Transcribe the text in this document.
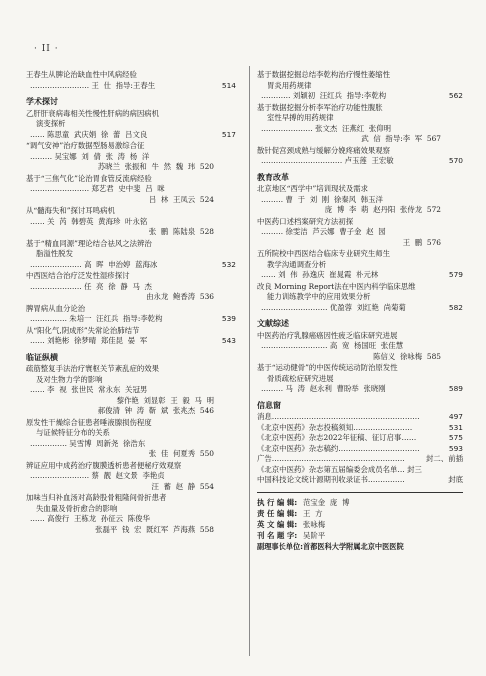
· II ·
王春生从脾论治缺血性中风病经验
…………………… 王  仕  指导:王春生	514
学术探讨
乙肝肝衰病毒相关性慢性肝病的病因病机

演变探析
…… 陈思童  武庆娟  徐  蕾  吕文良	517
“调气安神”治疗数据型肠易激综合征
……… 吴宝娜  刘  倩  张  涛  杨  洋
苏晓兰  张振和  牛  然  魏  玮  520
基于“三焦气化”论治胃食管反流病经验
…………………… 郑艺君  史中斐  吕  咪
吕  林  王凤云  524
从“髓海失和”探讨耳鸣病机
…… 关  芮  韩碧英  黄海珍  叶永铭
张  鹏  陈陆泉  528
基于“精血同源”理论结合祛风之法辨治

脂溢性脱发
………………… 高  晖  申治婷  蓝海冰	532
中西医结合治疗泛发性湿疹探讨
………………… 任  亮  徐  静  马  杰
由永龙  鲍香涛  536
脾胃病从血分论治
…………… 朱培一  汪红兵  指导:李乾构	539
从“阳化气,阴成形”失常论治肺结节
…… 刘艳彬  徐梦晴  郑佳昆  晏  军	543
临证纵横
疏筋整复手法治疗寰枢关节紊乱症的效果

及对生物力学的影响
…… 李  视  张世民  常永东  关冠男
黎作艳  刘显彰  王  毅  马  明
郝俊清  钟  涛  靳  斌  张兆杰  546
原发性干燥综合征患者唾液腺损伤程度

与证候特征分布的关系
…………… 吴雪博  周新尧  徐浩东
张  佳  何夏秀  550
辨证应用中成药治疗腹膜透析患者便秘疗效观察
…………………… 蔡  靓  赵文景  李艳贞
汪  蓄  赵  静  554
加味当归补血汤对高龄股骨粗隆间骨折患者

失血量及骨折愈合的影响
…… 高俊行  王栋龙  孙征云  陈俊华
张磊平  钱  宏  既红军  芦海燕  558
基于数据挖掘总结李乾构治疗慢性萎缩性

胃炎用药规律
………… 刘颖初  汪红兵  指导:李乾构	562
基于数据挖掘分析李军治疗功能性腹胀

室性早搏的用药规律
………………… 张文杰  汪燕红  张仰明
武  信  指导:李  军  567
散针促宫颈成熟与缓解分娩疼痛效果观察
…………………………… 卢玉莲  王宏敏	570
教育改革
北京地区“西学中”培训现状及需求
……… 曹  于  刘  刚  徐秦风  韩玉洋
庞  博  李  萌  赵丹阳  张侍龙  572
中医药口述档案研究方法初探
……… 徐雯洁  芦云娜  曹子金  赵  园
王  鹏  576
五所院校中西医结合临床专业研究生师生

教学沟通调查分析
…… 刘  伟  孙逸庆  崔晁霞  朴元林	579
改良 Morning Report法在中医内科学临床思维

能力训练教学中的应用效果分析
……………………… 优盈蓉  刘红艳  尚菊菊	582
文献综述
中医药治疗乳腺癌癌因性疲乏临床研究进展
……………………… 高  宽  杨国旺  张佳慧
陈信义  徐咏梅  585
基于“运动健骨”的中医传统运动防治原发性

骨质疏松症研究进展
……… 马  涛  赵永利  曹盼举  张晓刚	589
信息窗
消息……………………………………………………	497
《北京中医药》杂志投稿须知……………………	531
《北京中医药》杂志2022年征稿、征订启事……	575
《北京中医药》杂志稿约……………………………	593
广告………………………………………………	封二、前插
《北京中医药》杂志第五届编委会成员名单… 封三
中国科技论文统计源期刊收录证书……………	封底
执 行 编 辑: 范宝金  庞  博
责 任 编 辑: 王  方
英 文 编 辑: 张咏梅
刊 名 题 字: 吴阶平
副理事长单位:首都医科大学附属北京中医医院
